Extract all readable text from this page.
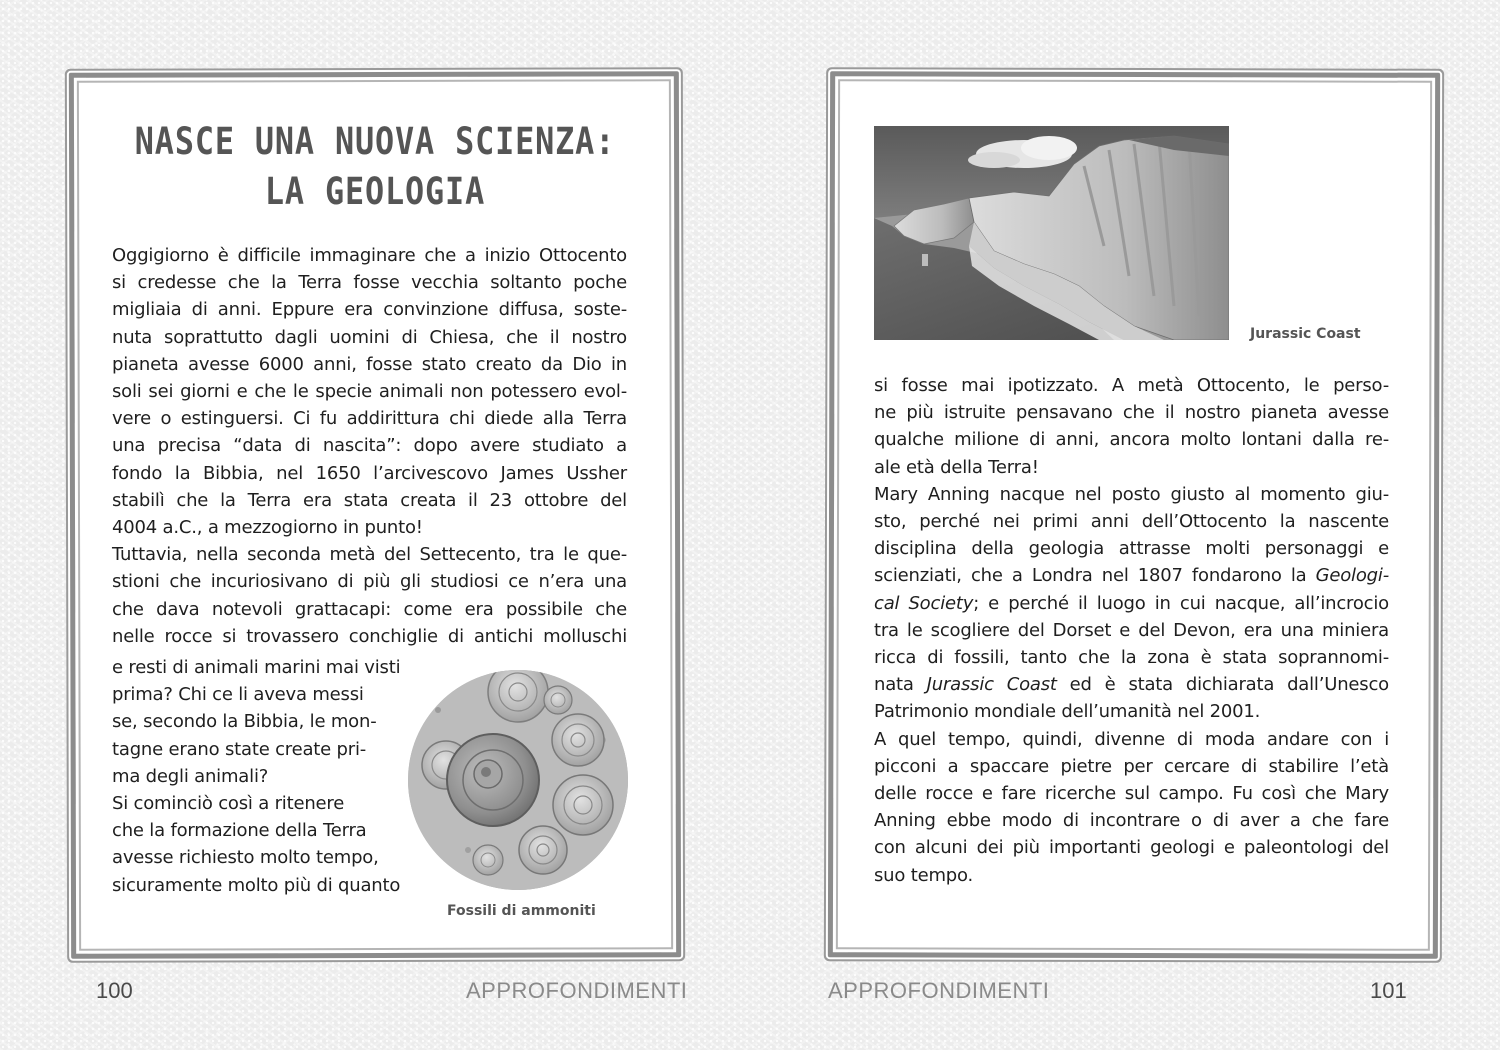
NASCE UNA NUOVA SCIENZA:
LA GEOLOGIA
Oggigiorno è difficile immaginare che a inizio Ottocento
si credesse che la Terra fosse vecchia soltanto poche
migliaia di anni. Eppure era convinzione diffusa, soste-
nuta soprattutto dagli uomini di Chiesa, che il nostro
pianeta avesse 6000 anni, fosse stato creato da Dio in
soli sei giorni e che le specie animali non potessero evol-
vere o estinguersi. Ci fu addirittura chi diede alla Terra
una precisa “data di nascita”: dopo avere studiato a
fondo la Bibbia, nel 1650 l’arcivescovo James Ussher
stabilì che la Terra era stata creata il 23 ottobre del
4004 a.C., a mezzogiorno in punto!
Tuttavia, nella seconda metà del Settecento, tra le que-
stioni che incuriosivano di più gli studiosi ce n’era una
che dava notevoli grattacapi: come era possibile che
nelle rocce si trovassero conchiglie di antichi molluschi
e resti di animali marini mai visti
prima? Chi ce li aveva messi
se, secondo la Bibbia, le mon-
tagne erano state create pri-
ma degli animali?
Si cominciò così a ritenere
che la formazione della Terra
avesse richiesto molto tempo,
sicuramente molto più di quanto
Fossili di ammoniti
100	APPROFONDIMENTI
Jurassic Coast
si fosse mai ipotizzato. A metà Ottocento, le perso-
ne più istruite pensavano che il nostro pianeta avesse
qualche milione di anni, ancora molto lontani dalla re-
ale età della Terra!
Mary Anning nacque nel posto giusto al momento giu-
sto, perché nei primi anni dell’Ottocento la nascente
disciplina della geologia attrasse molti personaggi e
scienziati, che a Londra nel 1807 fondarono la Geologi-
cal Society; e perché il luogo in cui nacque, all’incrocio
tra le scogliere del Dorset e del Devon, era una miniera
ricca di fossili, tanto che la zona è stata soprannomi-
nata Jurassic Coast ed è stata dichiarata dall’Unesco
Patrimonio mondiale dell’umanità nel 2001.
A quel tempo, quindi, divenne di moda andare con i
picconi a spaccare pietre per cercare di stabilire l’età
delle rocce e fare ricerche sul campo. Fu così che Mary
Anning ebbe modo di incontrare o di aver a che fare
con alcuni dei più importanti geologi e paleontologi del
suo tempo.
APPROFONDIMENTI	101
